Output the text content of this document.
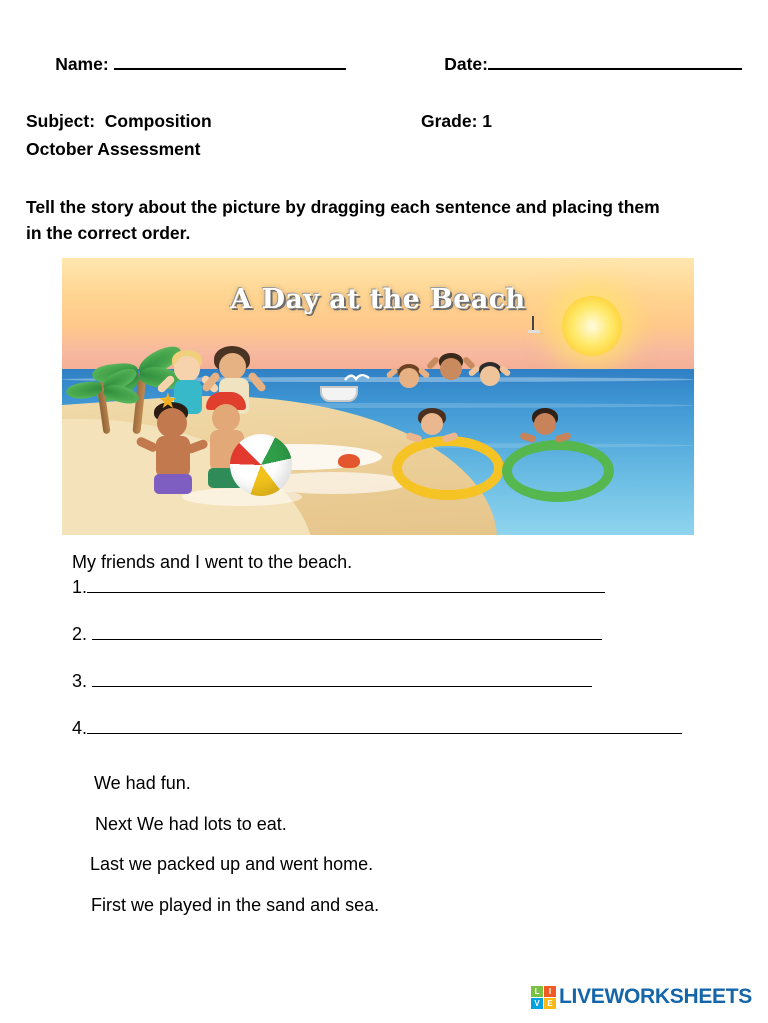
Name:
	Date:

Subject:  Composition	Grade: 1
October Assessment
Tell the story about the picture by dragging each sentence and placing them in the correct order.
A Day at the Beach
★
My friends and I went to the beach.
1.
2.
3.
4.
We had fun.
Next We had lots to eat.
Last we packed up and went home.
First we played in the sand and sea.
L	I
V E LIVEWORKSHEETS
